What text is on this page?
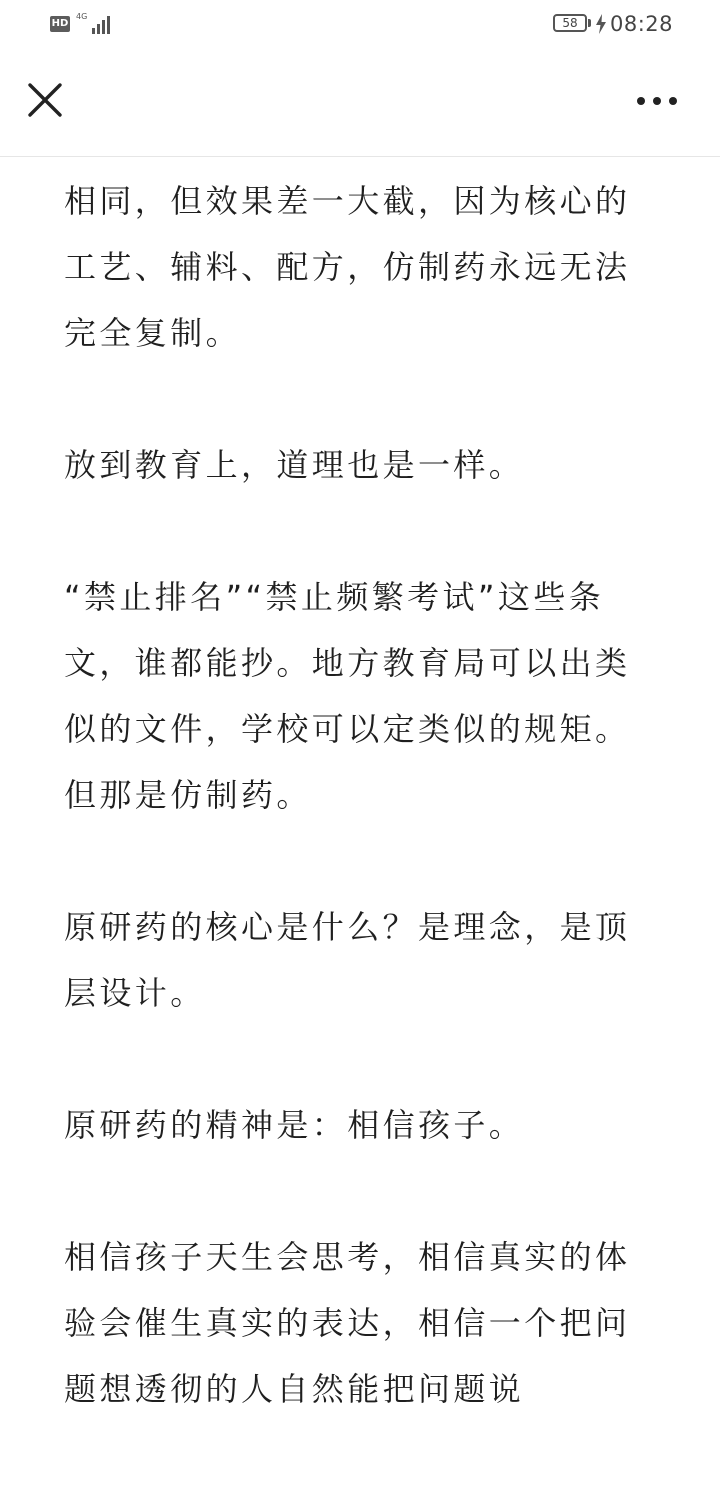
HD
4G	58	08:28

相同，但效果差一大截，因为核心的工艺、辅料、配方，仿制药永远无法完全复制。

放到教育上，道理也是一样。

“禁止排名”“禁止频繁考试”这些条文，谁都能抄。地方教育局可以出类似的文件，学校可以定类似的规矩。但那是仿制药。

原研药的核心是什么？是理念，是顶层设计。

原研药的精神是：相信孩子。

相信孩子天生会思考，相信真实的体验会催生真实的表达，相信一个把问题想透彻的人自然能把问题说
